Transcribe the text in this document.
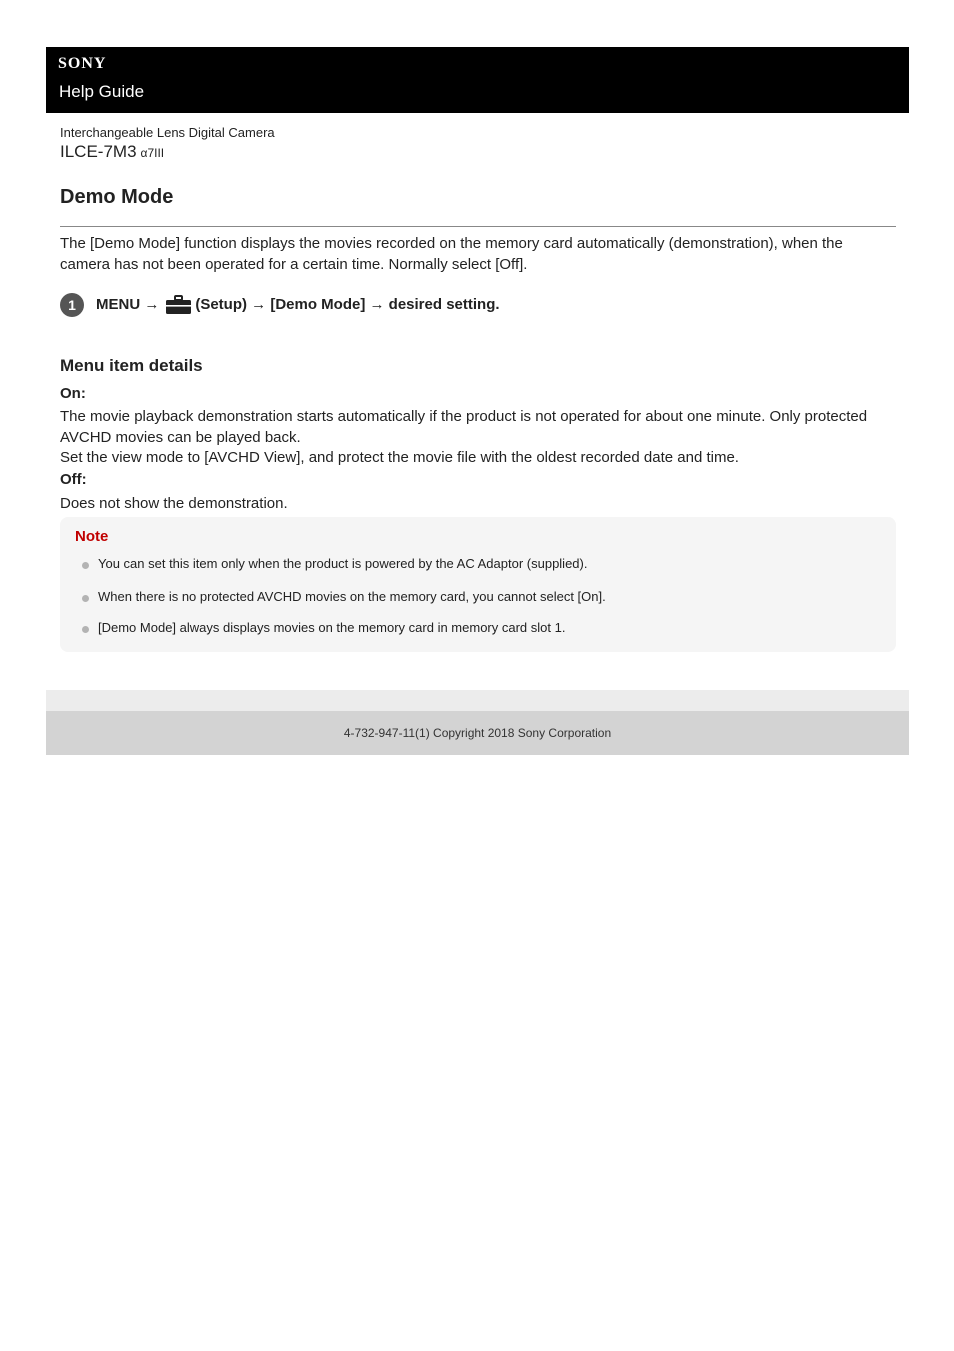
SONY
Help Guide
Interchangeable Lens Digital Camera
ILCE-7M3 α7III
Demo Mode

The [Demo Mode] function displays the movies recorded on the memory card automatically (demonstration), when the camera has not been operated for a certain time. Normally select [Off].

1	MENU → (Setup) → [Demo Mode] → desired setting.
Menu item details
On:

The movie playback demonstration starts automatically if the product is not operated for about one minute. Only protected AVCHD movies can be played back.

Set the view mode to [AVCHD View], and protect the movie file with the oldest recorded date and time.

Off:

Does not show the demonstration.

Note
You can set this item only when the product is powered by the AC Adaptor (supplied).
When there is no protected AVCHD movies on the memory card, you cannot select [On].
[Demo Mode] always displays movies on the memory card in memory card slot 1.
4-732-947-11(1) Copyright 2018 Sony Corporation
